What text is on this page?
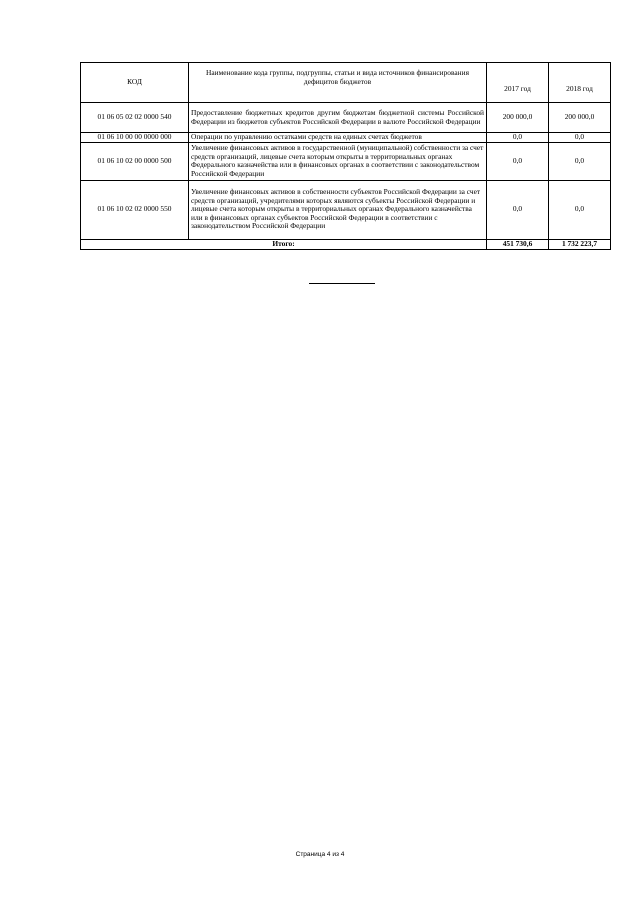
КОД	Наименование кода группы, подгруппы, статьи и вида источников финансирования дефицитов бюджетов	2017 год	2018 год
01 06 05 02 02 0000 540	Предоставление бюджетных кредитов другим бюджетам бюджетной системы Российской Федерации из бюджетов субъектов Российской Федерации в валюте Российской Федерации	200 000,0	200 000,0
01 06 10 00 00 0000 000	Операции по управлению остатками средств на единых счетах бюджетов	0,0	0,0
01 06 10 02 00 0000 500	Увеличение финансовых активов в государственной (муниципальной) собственности за счет средств организаций, лицевые счета которым открыты в территориальных органах Федерального казначейства или в финансовых органах в соответствии с законодательством Российской Федерации	0,0	0,0
01 06 10 02 02 0000 550	Увеличение финансовых активов в собственности субъектов Российской Федерации за счет средств организаций, учредителями которых являются субъекты Российской Федерации и лицевые счета которым открыты в территориальных органах Федерального казначейства или в финансовых органах субъектов Российской Федерации в соответствии с законодательством Российской Федерации	0,0	0,0
Итого:		451 730,6	1 732 223,7
Страница 4 из 4
